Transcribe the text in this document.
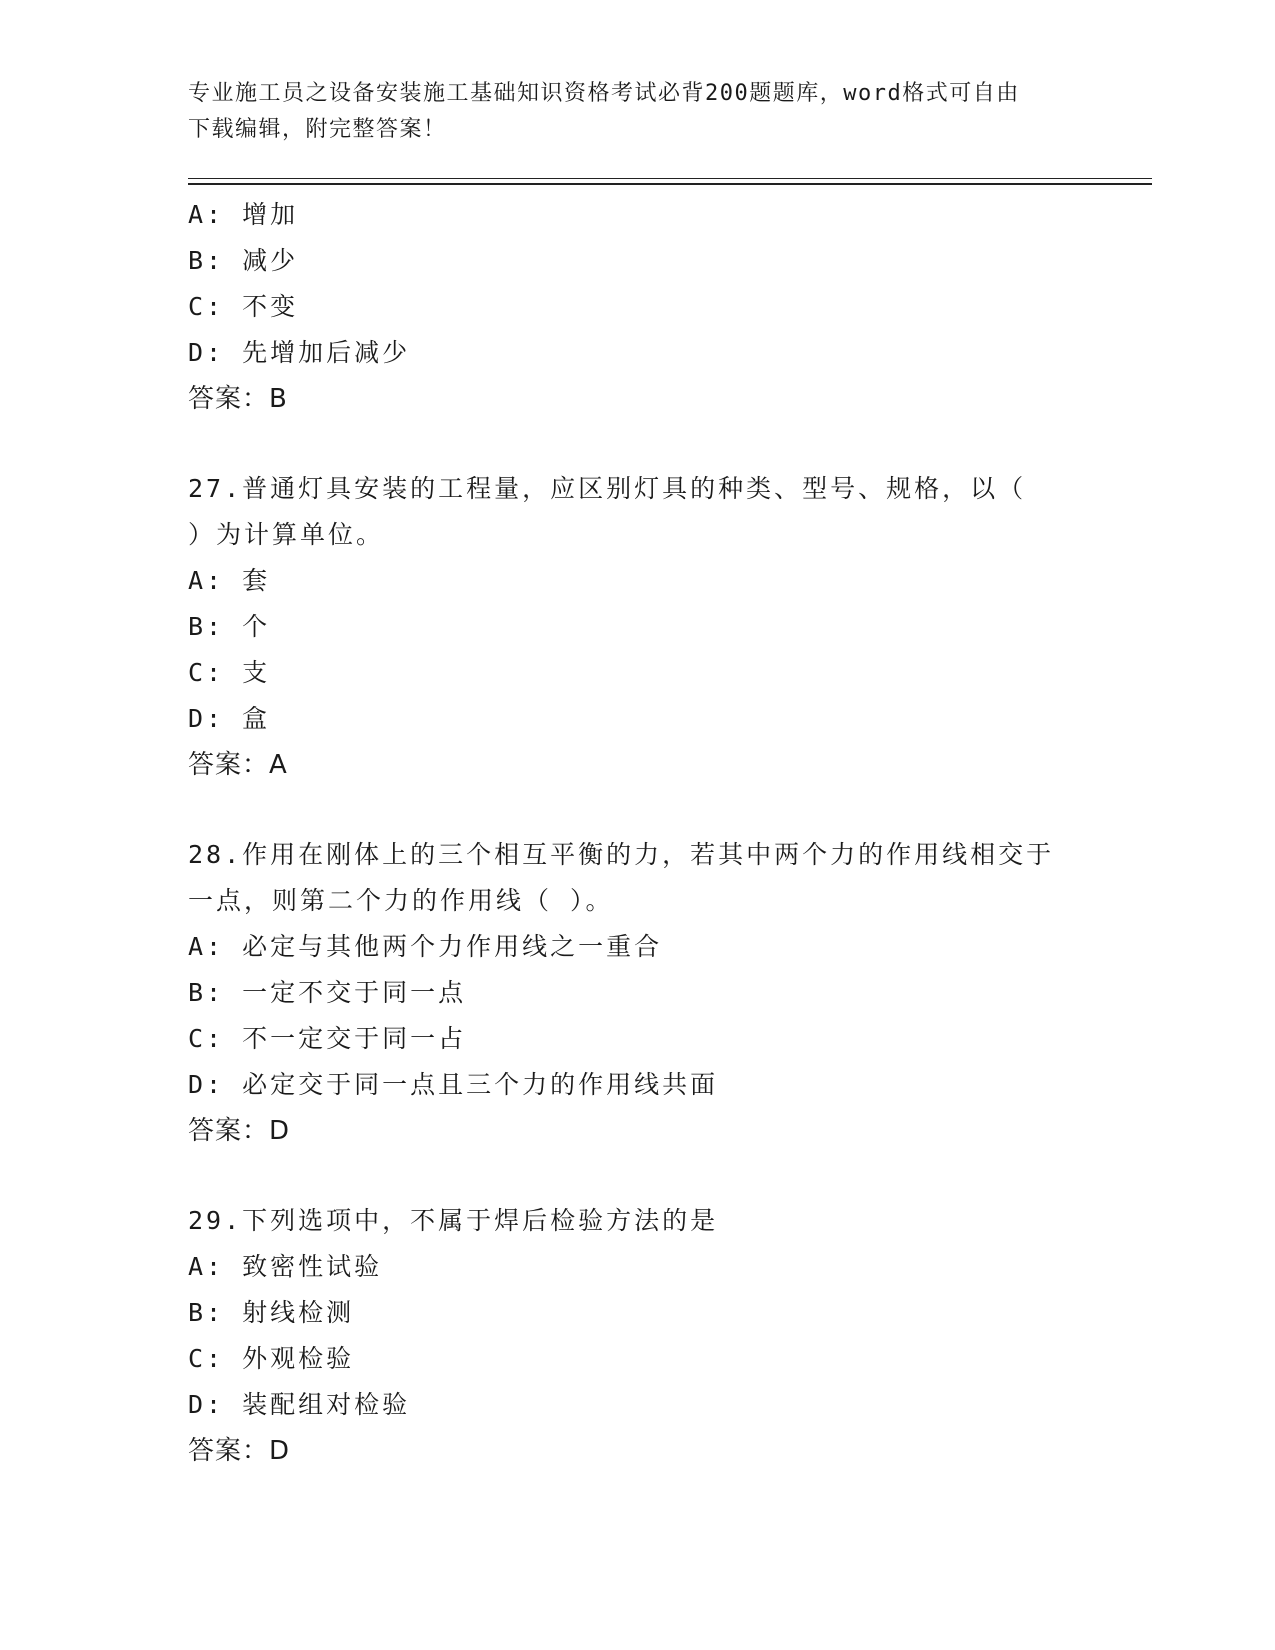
专业施工员之设备安装施工基础知识资格考试必背200题题库，word格式可自由
下载编辑，附完整答案！
A: 增加
B: 减少
C: 不变
D: 先增加后减少
答案：B
27.普通灯具安装的工程量，应区别灯具的种类、型号、规格，以（
）为计算单位。
A: 套
B: 个
C: 支
D: 盒
答案：A
28.作用在刚体上的三个相互平衡的力，若其中两个力的作用线相交于
一点，则第二个力的作用线（ ）。
A: 必定与其他两个力作用线之一重合
B: 一定不交于同一点
C: 不一定交于同一占
D: 必定交于同一点且三个力的作用线共面
答案：D
29.下列选项中，不属于焊后检验方法的是
A: 致密性试验
B: 射线检测
C: 外观检验
D: 装配组对检验
答案：D
